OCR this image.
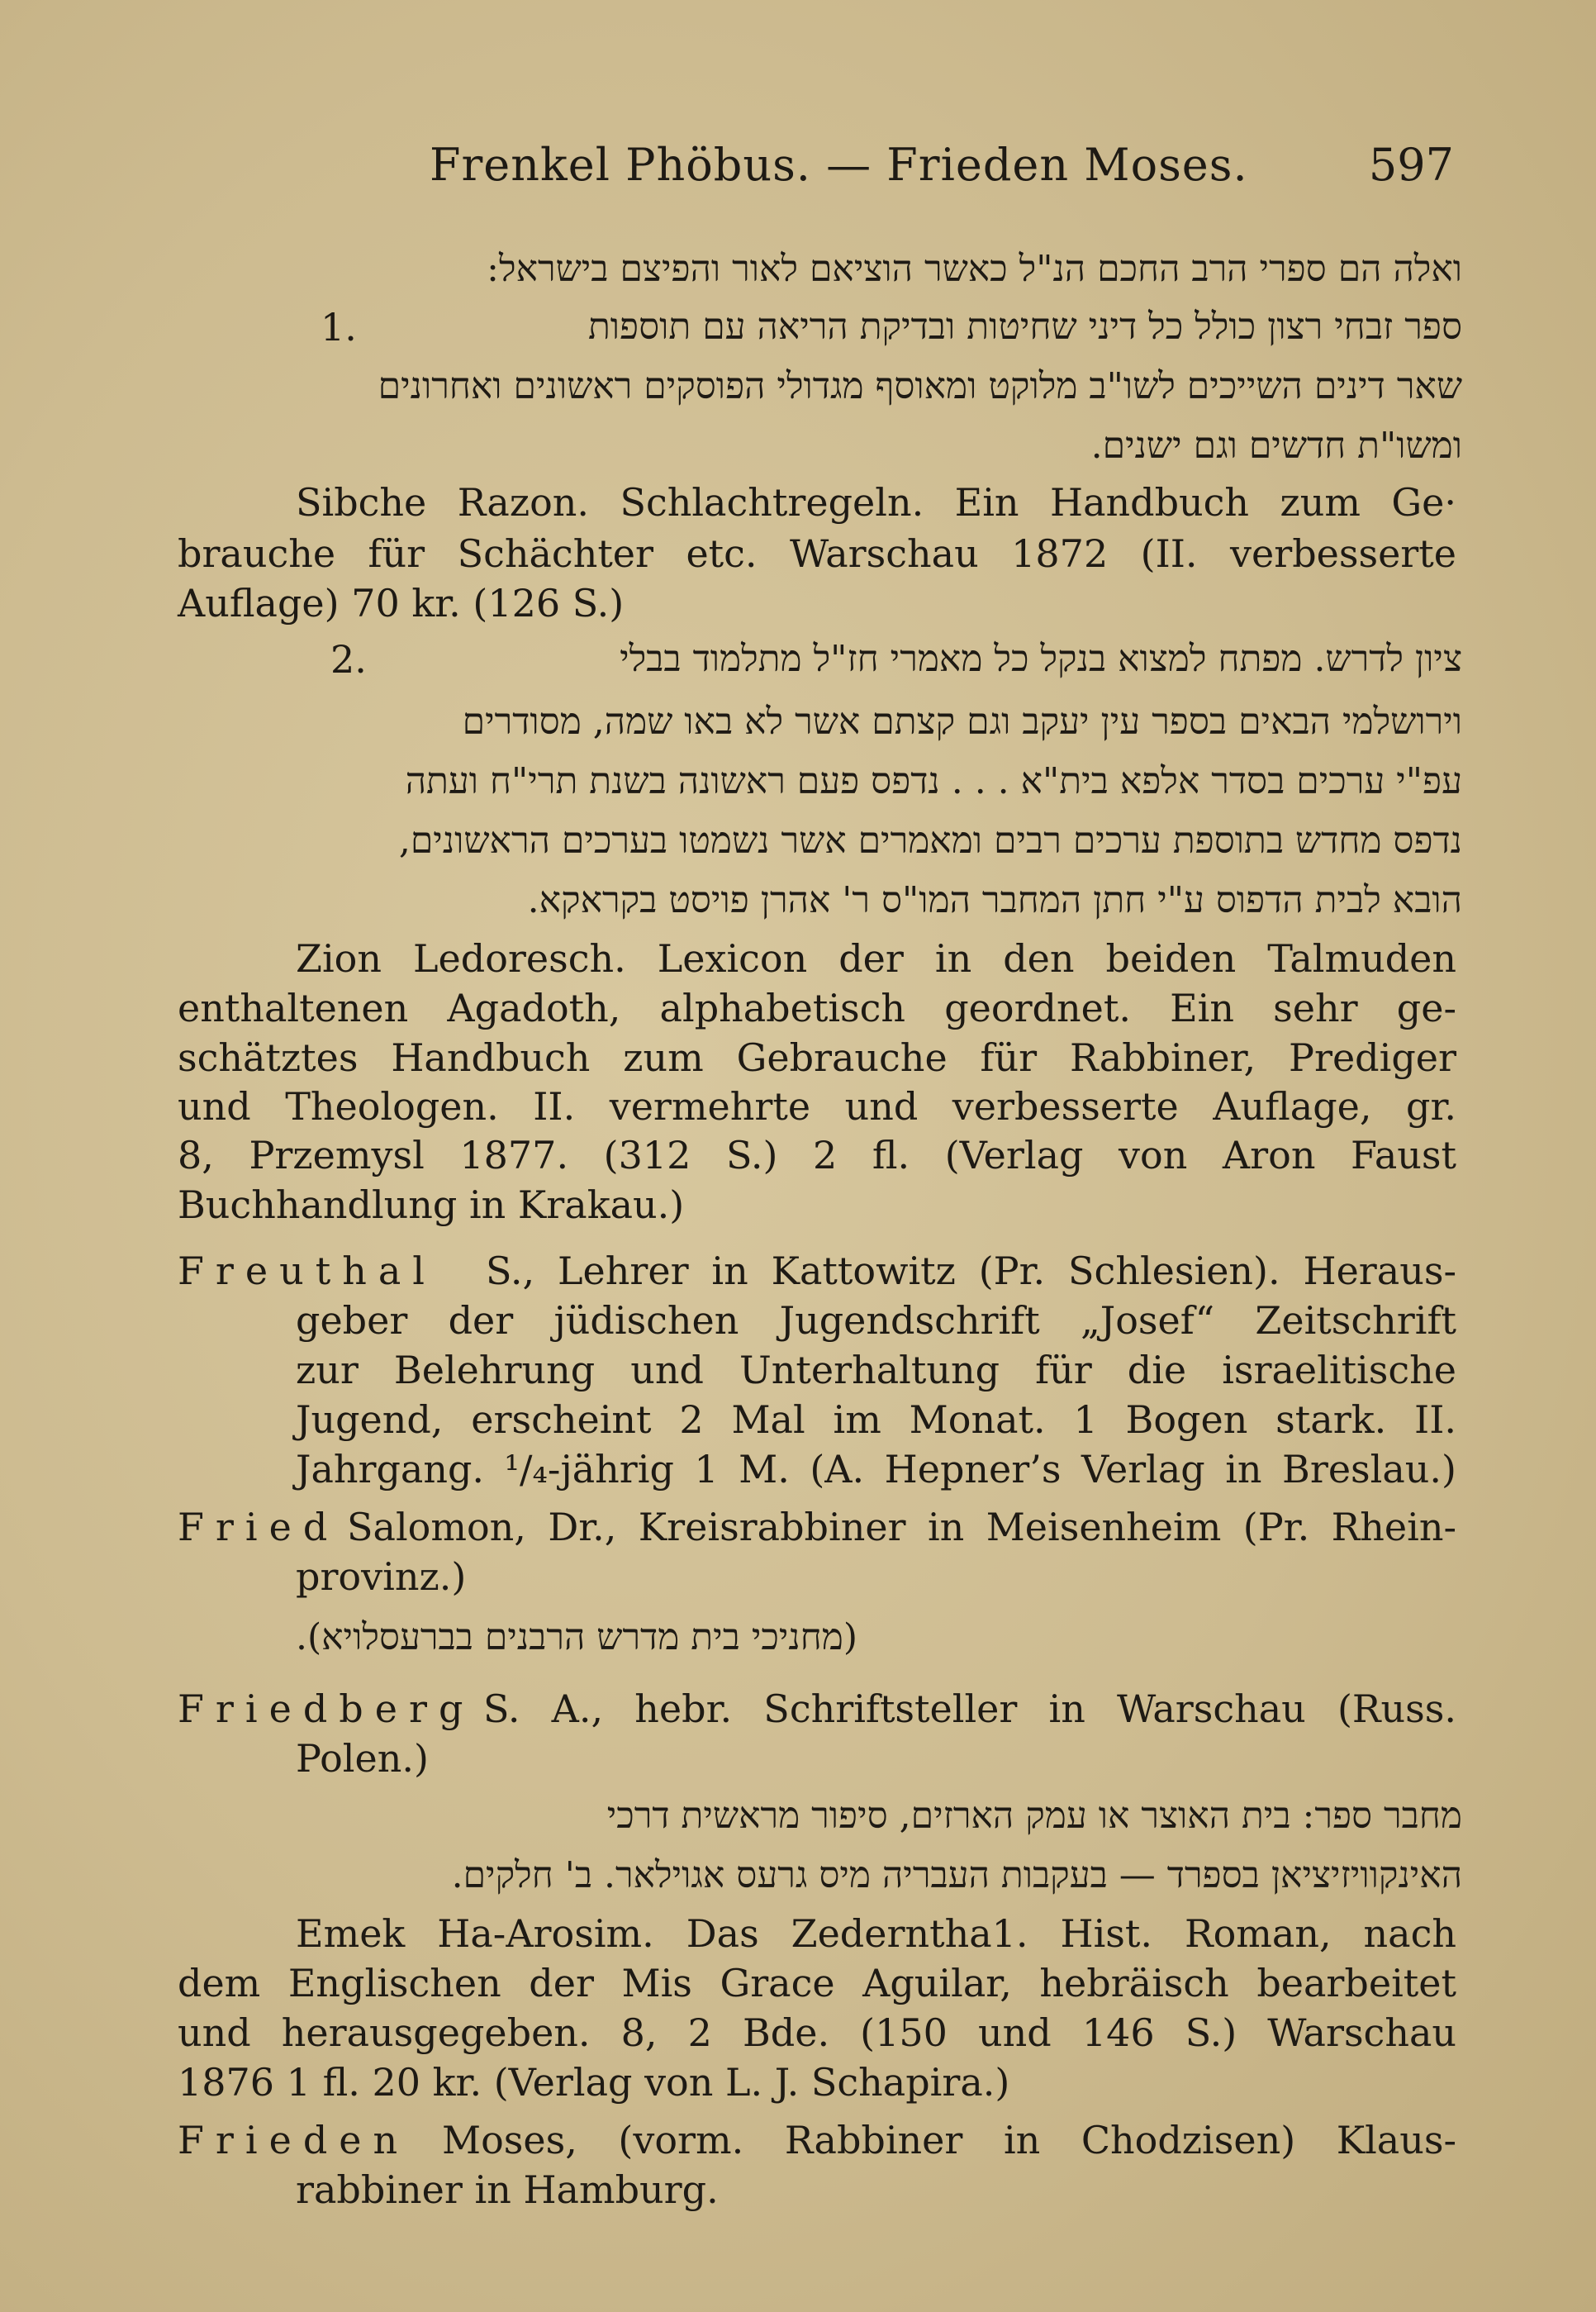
Frenkel Phöbus. — Frieden Moses.	597
ואלה הם ספרי הרב החכם הנ"ל כאשר הוציאם לאור והפיצם בישראל:
ספר זבחי רצון כולל כל דיני שחיטות ובדיקת הריאה עם תוספות
1.
שאר דינים השייכים לשו"ב מלוקט ומאוסף מגדולי הפוסקים ראשונים ואחרונים
ומשו"ת חדשים וגם ישנים.
Sibche Razon. Schlachtregeln. Ein Handbuch zum Ge·
brauche für Schächter etc. Warschau 1872 (II. verbesserte
Auflage) 70 kr. (126 S.)
ציון לדרש. מפתח למצוא בנקל כל מאמרי חז"ל מתלמוד בבלי
2.
וירושלמי הבאים בספר עין יעקב וגם קצתם אשר לא באו שמה, מסודרים
עפ"י ערכים בסדר אלפא בית"א . . . נדפס פעם ראשונה בשנת תרי"ח ועתה
נדפס מחדש בתוספת ערכים רבים ומאמרים אשר נשמטו בערכים הראשונים,
הובא לבית הדפוס ע"י חתן המחבר המו"ס ר' אהרן פויסט בקראקא.
Zion Ledoresch. Lexicon der in den beiden Talmuden
enthaltenen Agadoth, alphabetisch geordnet. Ein sehr ge-
schätztes Handbuch zum Gebrauche für Rabbiner, Prediger
und Theologen. II. vermehrte und verbesserte Auflage, gr.
8, Przemysl 1877. (312 S.) 2 fl. (Verlag von Aron Faust
Buchhandlung in Krakau.)
Freuthal S., Lehrer in Kattowitz (Pr. Schlesien). Heraus-
geber der jüdischen Jugendschrift „Josef“ Zeitschrift
zur Belehrung und Unterhaltung für die israelitische
Jugend, erscheint 2 Mal im Monat. 1 Bogen stark. II.
Jahrgang. ¹/₄-jährig 1 M. (A. Hepner’s Verlag in Breslau.)
Fried Salomon, Dr., Kreisrabbiner in Meisenheim (Pr. Rhein-
provinz.)
(מחניכי בית מדרש הרבנים בברעסלויא).
Friedberg S. A., hebr. Schriftsteller in Warschau (Russ.
Polen.)
מחבר ספר: בית האוצר או עמק הארזים, סיפור מראשית דרכי
האינקוויזיציאן בספרד — בעקבות העבריה מיס גרעס אגוילאר. ב' חלקים.
Emek Ha-Arosim. Das Zederntha1. Hist. Roman, nach
dem Englischen der Mis Grace Aguilar, hebräisch bearbeitet
und herausgegeben. 8, 2 Bde. (150 und 146 S.) Warschau
1876 1 fl. 20 kr. (Verlag von L. J. Schapira.)
Frieden Moses, (vorm. Rabbiner in Chodzisen) Klaus-
rabbiner in Hamburg.
